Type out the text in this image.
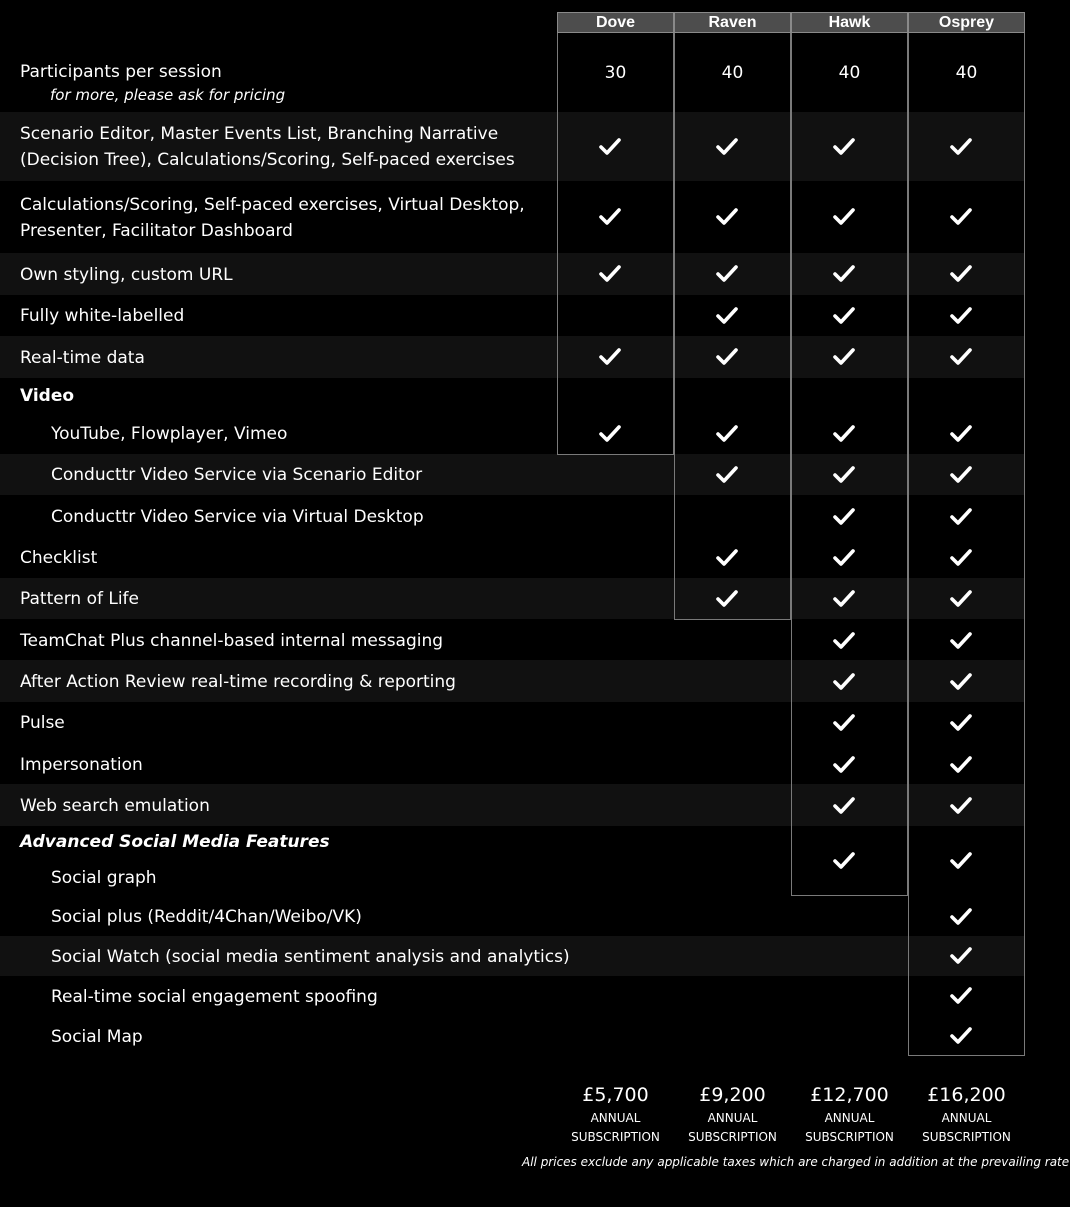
Dove
30
Raven
40
Hawk
40
Osprey
40
Participants per session
for more, please ask for pricing
Scenario Editor, Master Events List, Branching Narrative
(Decision Tree), Calculations/Scoring, Self-paced exercises
Calculations/Scoring, Self-paced exercises, Virtual Desktop,
Presenter, Facilitator Dashboard
Own styling, custom URL
Fully white-labelled
Real-time data
Video
YouTube, Flowplayer, Vimeo
Conducttr Video Service via Scenario Editor
Conducttr Video Service via Virtual Desktop
Checklist
Pattern of Life
TeamChat Plus channel-based internal messaging
After Action Review real-time recording & reporting
Pulse
Impersonation
Web search emulation
Advanced Social Media Features
Social graph
Social plus (Reddit/4Chan/Weibo/VK)
Social Watch (social media sentiment analysis and analytics)
Real-time social engagement spoofing
Social Map
£5,700
ANNUAL
SUBSCRIPTION
£9,200
ANNUAL
SUBSCRIPTION
£12,700
ANNUAL
SUBSCRIPTION
£16,200
ANNUAL
SUBSCRIPTION
All prices exclude any applicable taxes which are charged in addition at the prevailing rate
